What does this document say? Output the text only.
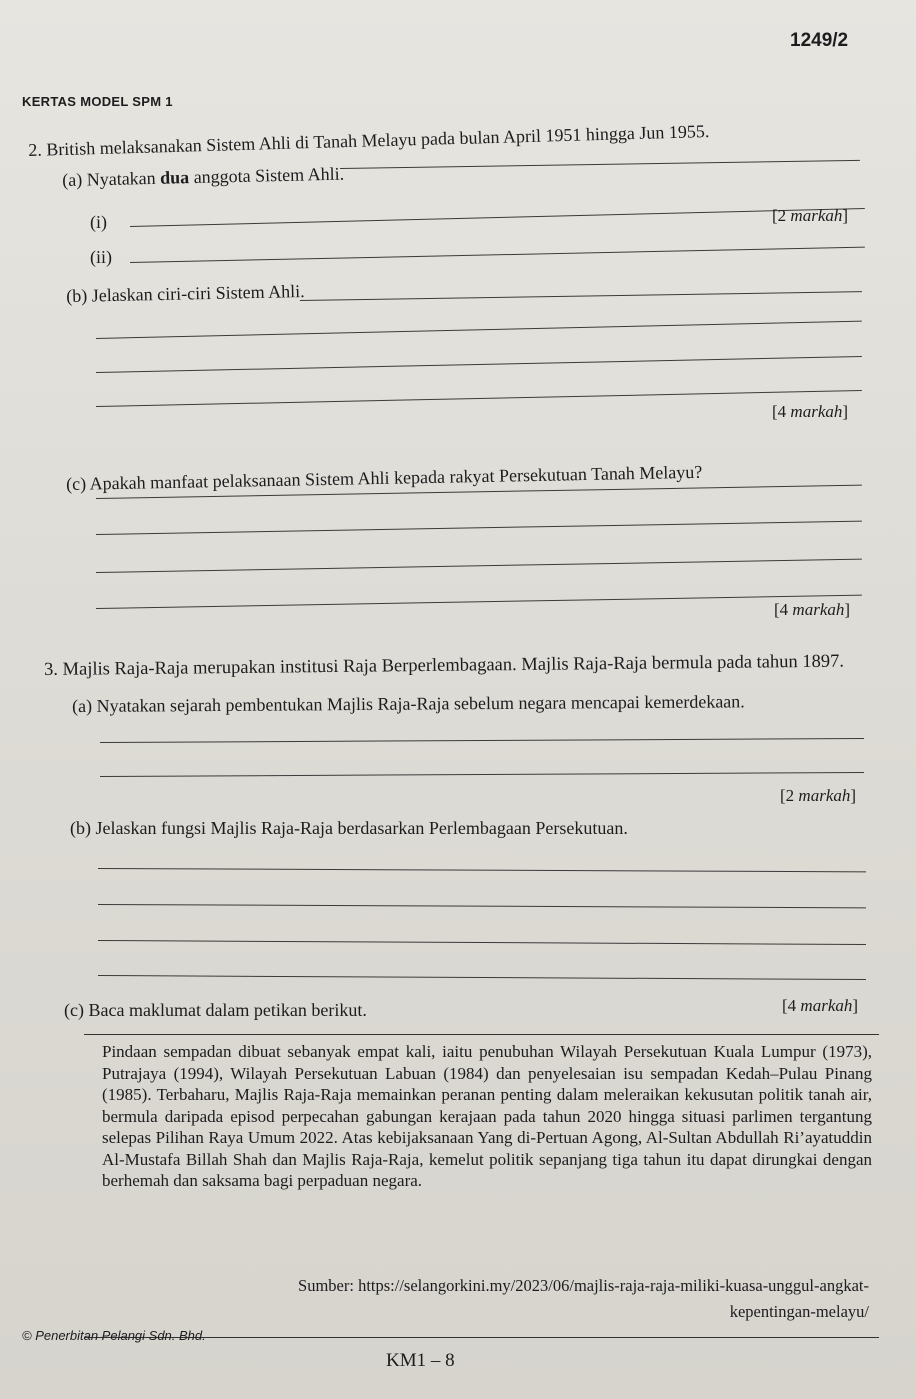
1249/2
KERTAS MODEL SPM 1
2. British melaksanakan Sistem Ahli di Tanah Melayu pada bulan April 1951 hingga Jun 1955.
(a) Nyatakan dua anggota Sistem Ahli.
(i)	[2 markah]
(ii)
(b) Jelaskan ciri-ciri Sistem Ahli.
[4 markah]
(c) Apakah manfaat pelaksanaan Sistem Ahli kepada rakyat Persekutuan Tanah Melayu?
[4 markah]
3. Majlis Raja-Raja merupakan institusi Raja Berperlembagaan. Majlis Raja-Raja bermula pada tahun 1897.
(a) Nyatakan sejarah pembentukan Majlis Raja-Raja sebelum negara mencapai kemerdekaan.
[2 markah]
(b) Jelaskan fungsi Majlis Raja-Raja berdasarkan Perlembagaan Persekutuan.
[4 markah]
(c) Baca maklumat dalam petikan berikut.
Pindaan sempadan dibuat sebanyak empat kali, iaitu penubuhan Wilayah Persekutuan Kuala Lumpur (1973), Putrajaya (1994), Wilayah Persekutuan Labuan (1984) dan penyelesaian isu sempadan Kedah–Pulau Pinang (1985). Terbaharu, Majlis Raja-Raja memainkan peranan penting dalam meleraikan kekusutan politik tanah air, bermula daripada episod perpecahan gabungan kerajaan pada tahun 2020 hingga situasi parlimen tergantung selepas Pilihan Raya Umum 2022. Atas kebijaksanaan Yang di-Pertuan Agong, Al-Sultan Abdullah Ri’ayatuddin Al-Mustafa Billah Shah dan Majlis Raja-Raja, kemelut politik sepanjang tiga tahun itu dapat dirungkai dengan berhemah dan saksama bagi perpaduan negara.
Sumber: https://selangorkini.my/2023/06/majlis-raja-raja-miliki-kuasa-unggul-angkat-kepentingan-melayu/
© Penerbitan Pelangi Sdn. Bhd.
KM1 – 8
